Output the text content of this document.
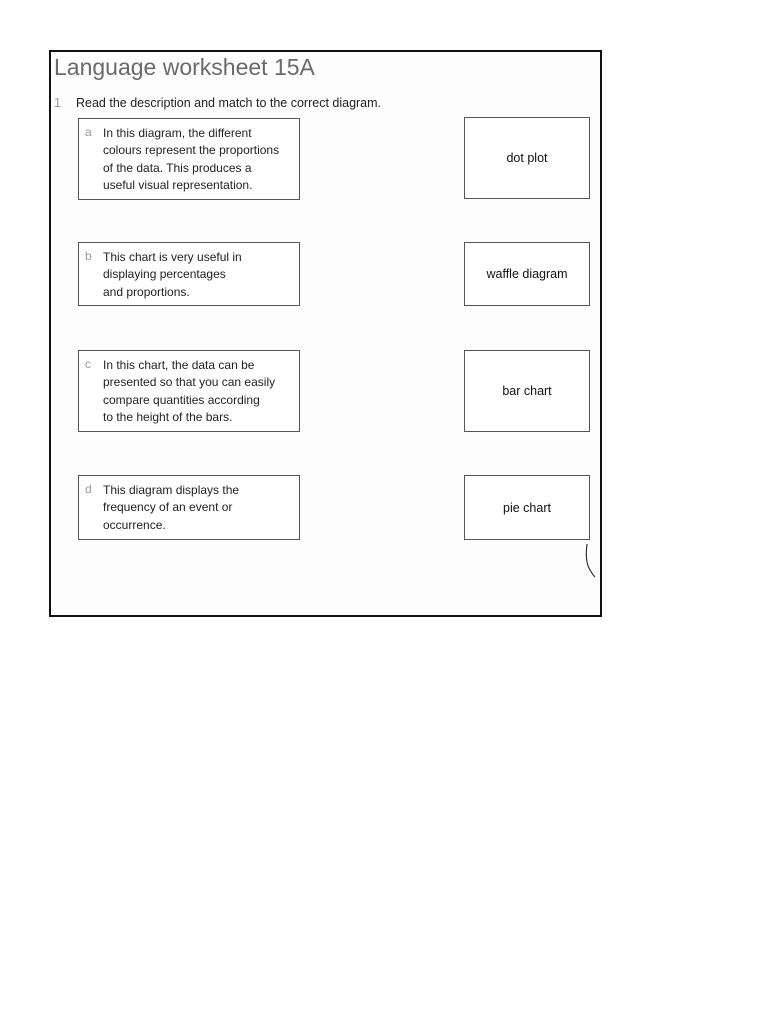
Language worksheet 15A
1 Read the description and match to the correct diagram.
a In this diagram, the different
colours represent the proportions
of the data. This produces a
useful visual representation.
b This chart is very useful in
displaying percentages
and proportions.
c In this chart, the data can be
presented so that you can easily
compare quantities according
to the height of the bars.
d This diagram displays the
frequency of an event or
occurrence.
dot plot
waffle diagram
bar chart
pie chart
